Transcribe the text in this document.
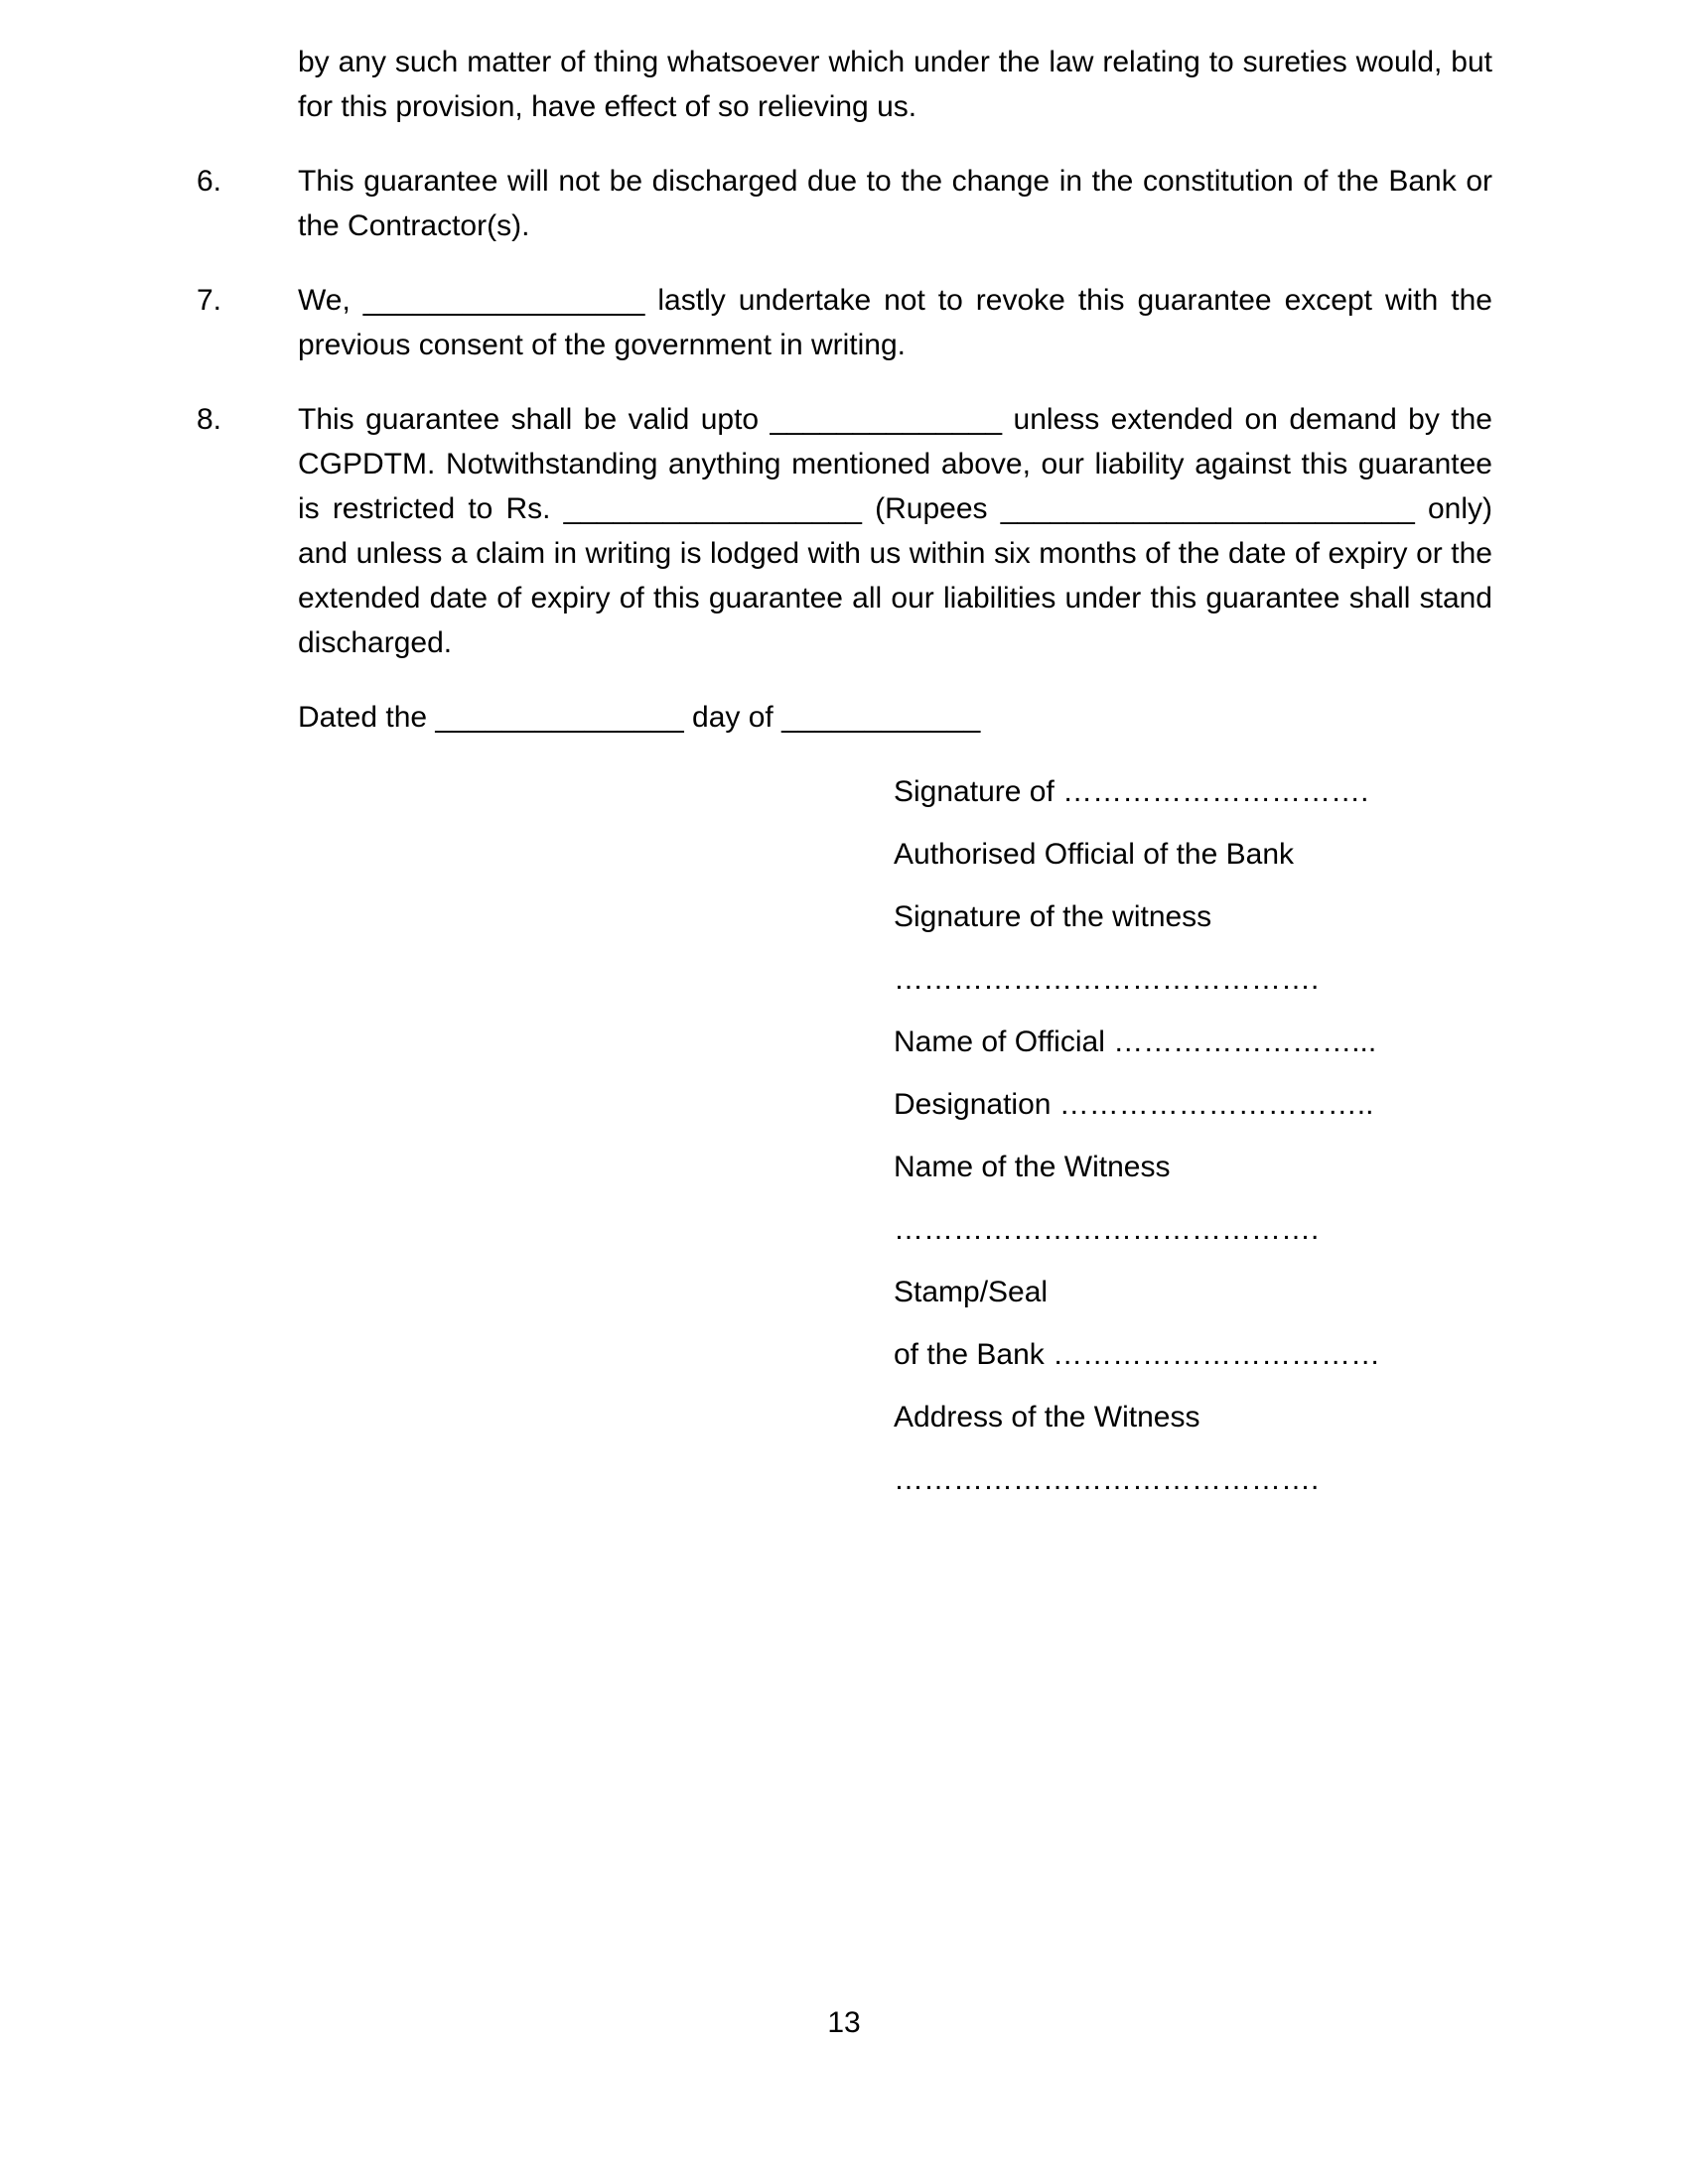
by any such matter of thing whatsoever which under the law relating to sureties would, but for this provision, have effect of so relieving us.

6.	This guarantee will not be discharged due to the change in the constitution of the Bank or the Contractor(s).
7.	We, _________________ lastly undertake not to revoke this guarantee except with the previous consent of the government in writing.
8.	This guarantee shall be valid upto ______________ unless extended on demand by the CGPDTM. Notwithstanding anything mentioned above, our liability against this guarantee is restricted to Rs. __________________ (Rupees _________________________ only) and unless a claim in writing is lodged with us within six months of the date of expiry or the extended date of expiry of this guarantee all our liabilities under this guarantee shall stand discharged.

Dated the _______________ day of ____________

Signature of ………………………….
Authorised Official of the Bank
Signature of the witness
…………………………………….
Name of Official ……………………...
Designation …………………………..
Name of the Witness
…………………………………….
Stamp/Seal
of the Bank ……………………………
Address of the Witness
…………………………………….
13
